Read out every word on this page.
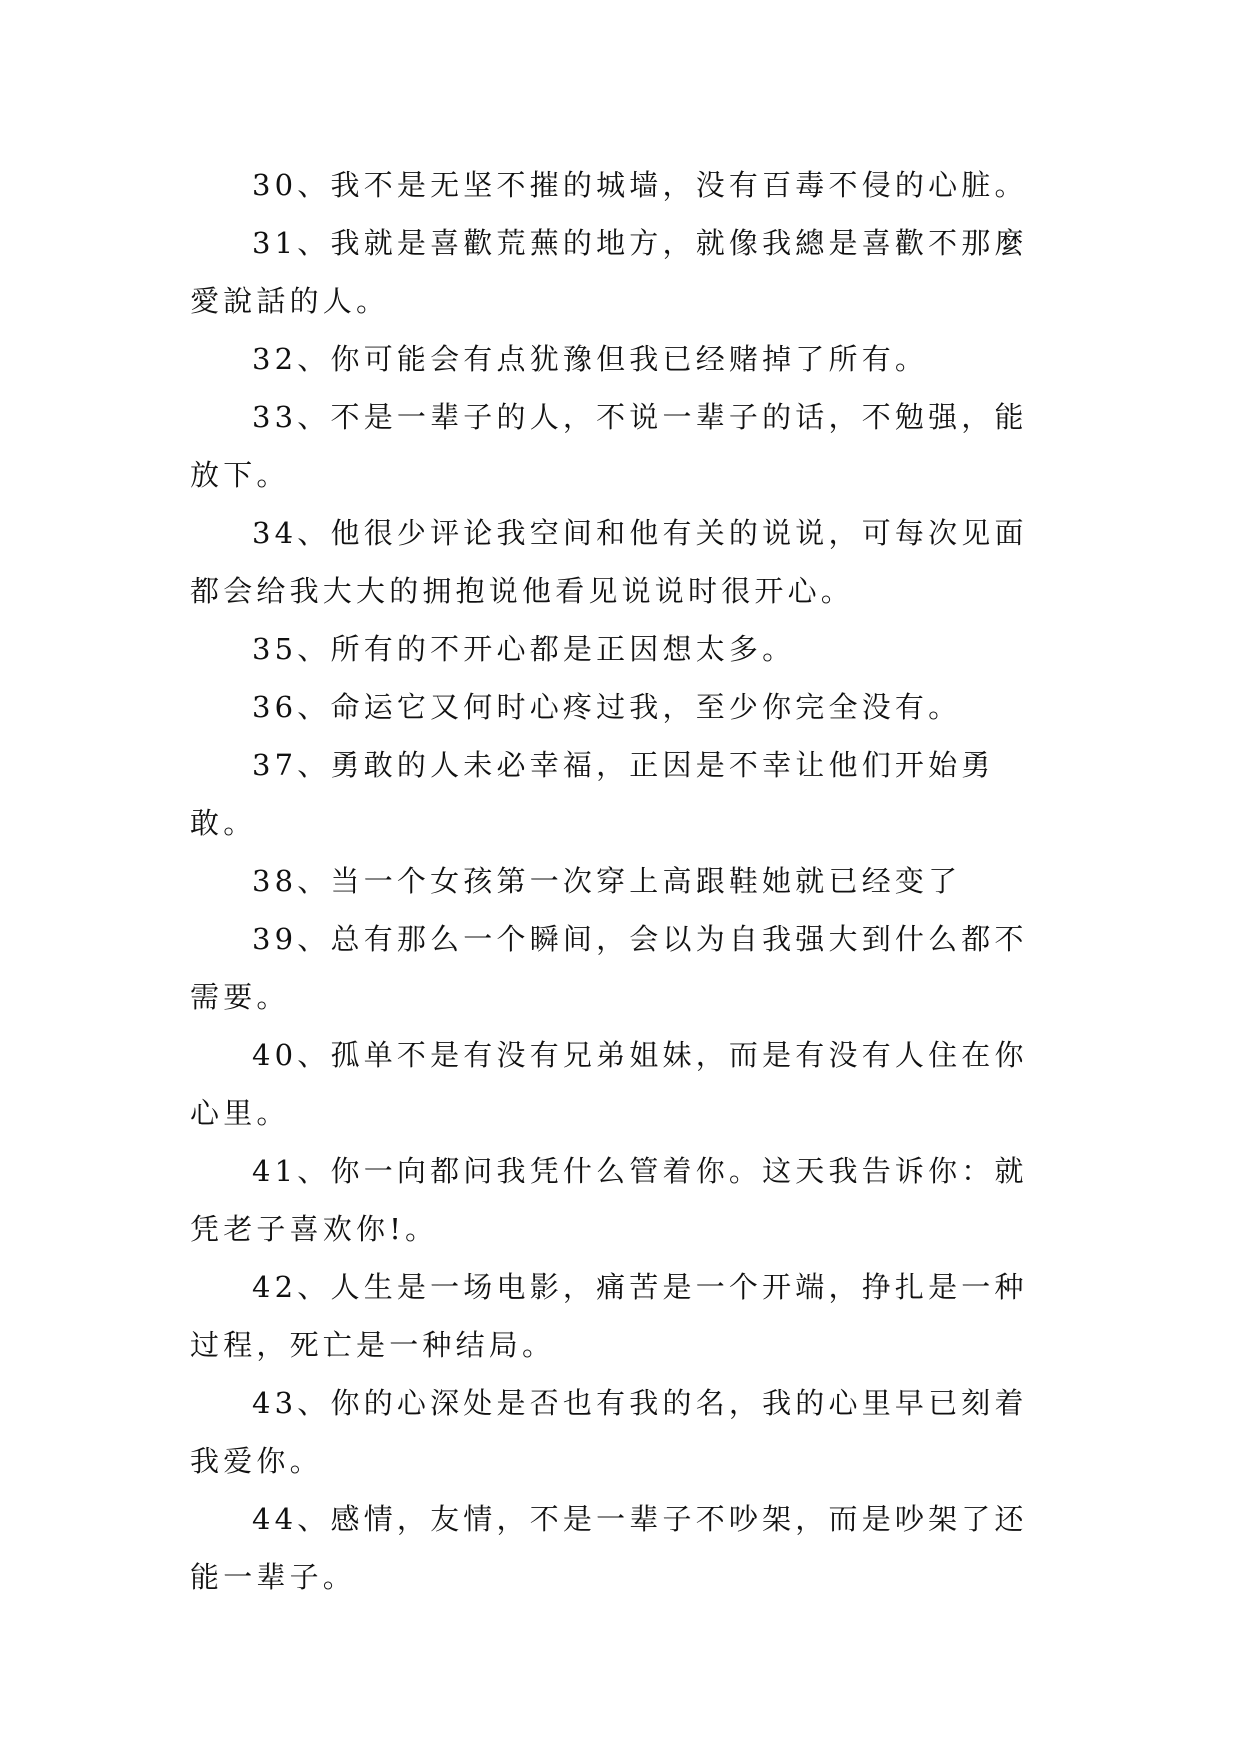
30、我不是无坚不摧的城墙，没有百毒不侵的心脏。

31、我就是喜歡荒蕪的地方，就像我總是喜歡不那麼愛說話的人。

32、你可能会有点犹豫但我已经赌掉了所有。

33、不是一辈子的人，不说一辈子的话，不勉强，能放下。

34、他很少评论我空间和他有关的说说，可每次见面都会给我大大的拥抱说他看见说说时很开心。

35、所有的不开心都是正因想太多。

36、命运它又何时心疼过我，至少你完全没有。

37、勇敢的人未必幸福，正因是不幸让他们开始勇敢。

38、当一个女孩第一次穿上高跟鞋她就已经变了

39、总有那么一个瞬间，会以为自我强大到什么都不需要。

40、孤单不是有没有兄弟姐妹，而是有没有人住在你心里。

41、你一向都问我凭什么管着你。这天我告诉你：就凭老子喜欢你!。

42、人生是一场电影，痛苦是一个开端，挣扎是一种过程，死亡是一种结局。

43、你的心深处是否也有我的名，我的心里早已刻着我爱你。

44、感情，友情，不是一辈子不吵架，而是吵架了还能一辈子。
